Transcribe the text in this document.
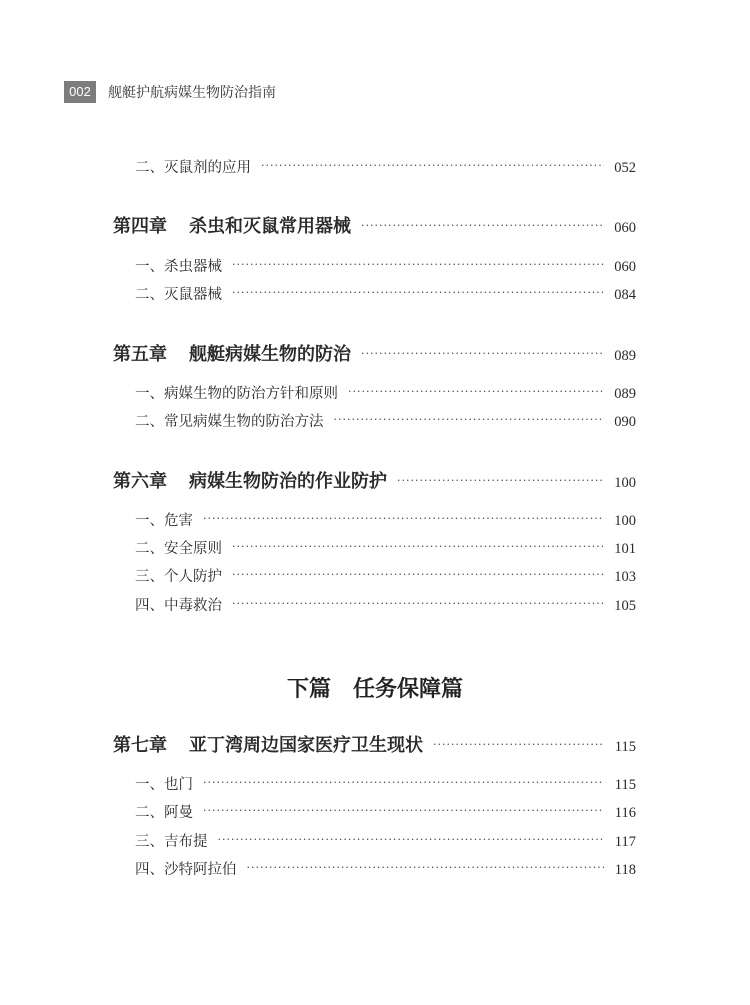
002	舰艇护航病媒生物防治指南
二、灭鼠剂的应用 ·····	052
第四章 杀虫和灭鼠常用器械 ·····	060
一、杀虫器械 ·····	060
二、灭鼠器械 ·····	084
第五章 舰艇病媒生物的防治 ·····	089
一、病媒生物的防治方针和原则 ·····	089
二、常见病媒生物的防治方法 ·····	090
第六章 病媒生物防治的作业防护 ·····	100
一、危害 ·····	100
二、安全原则 ·····	101
三、个人防护 ·····	103
四、中毒救治 ·····	105
下篇 任务保障篇
第七章 亚丁湾周边国家医疗卫生现状 ·····	115
一、也门 ·····	115
二、阿曼 ·····	116
三、吉布提 ·····	117
四、沙特阿拉伯 ·····	118
